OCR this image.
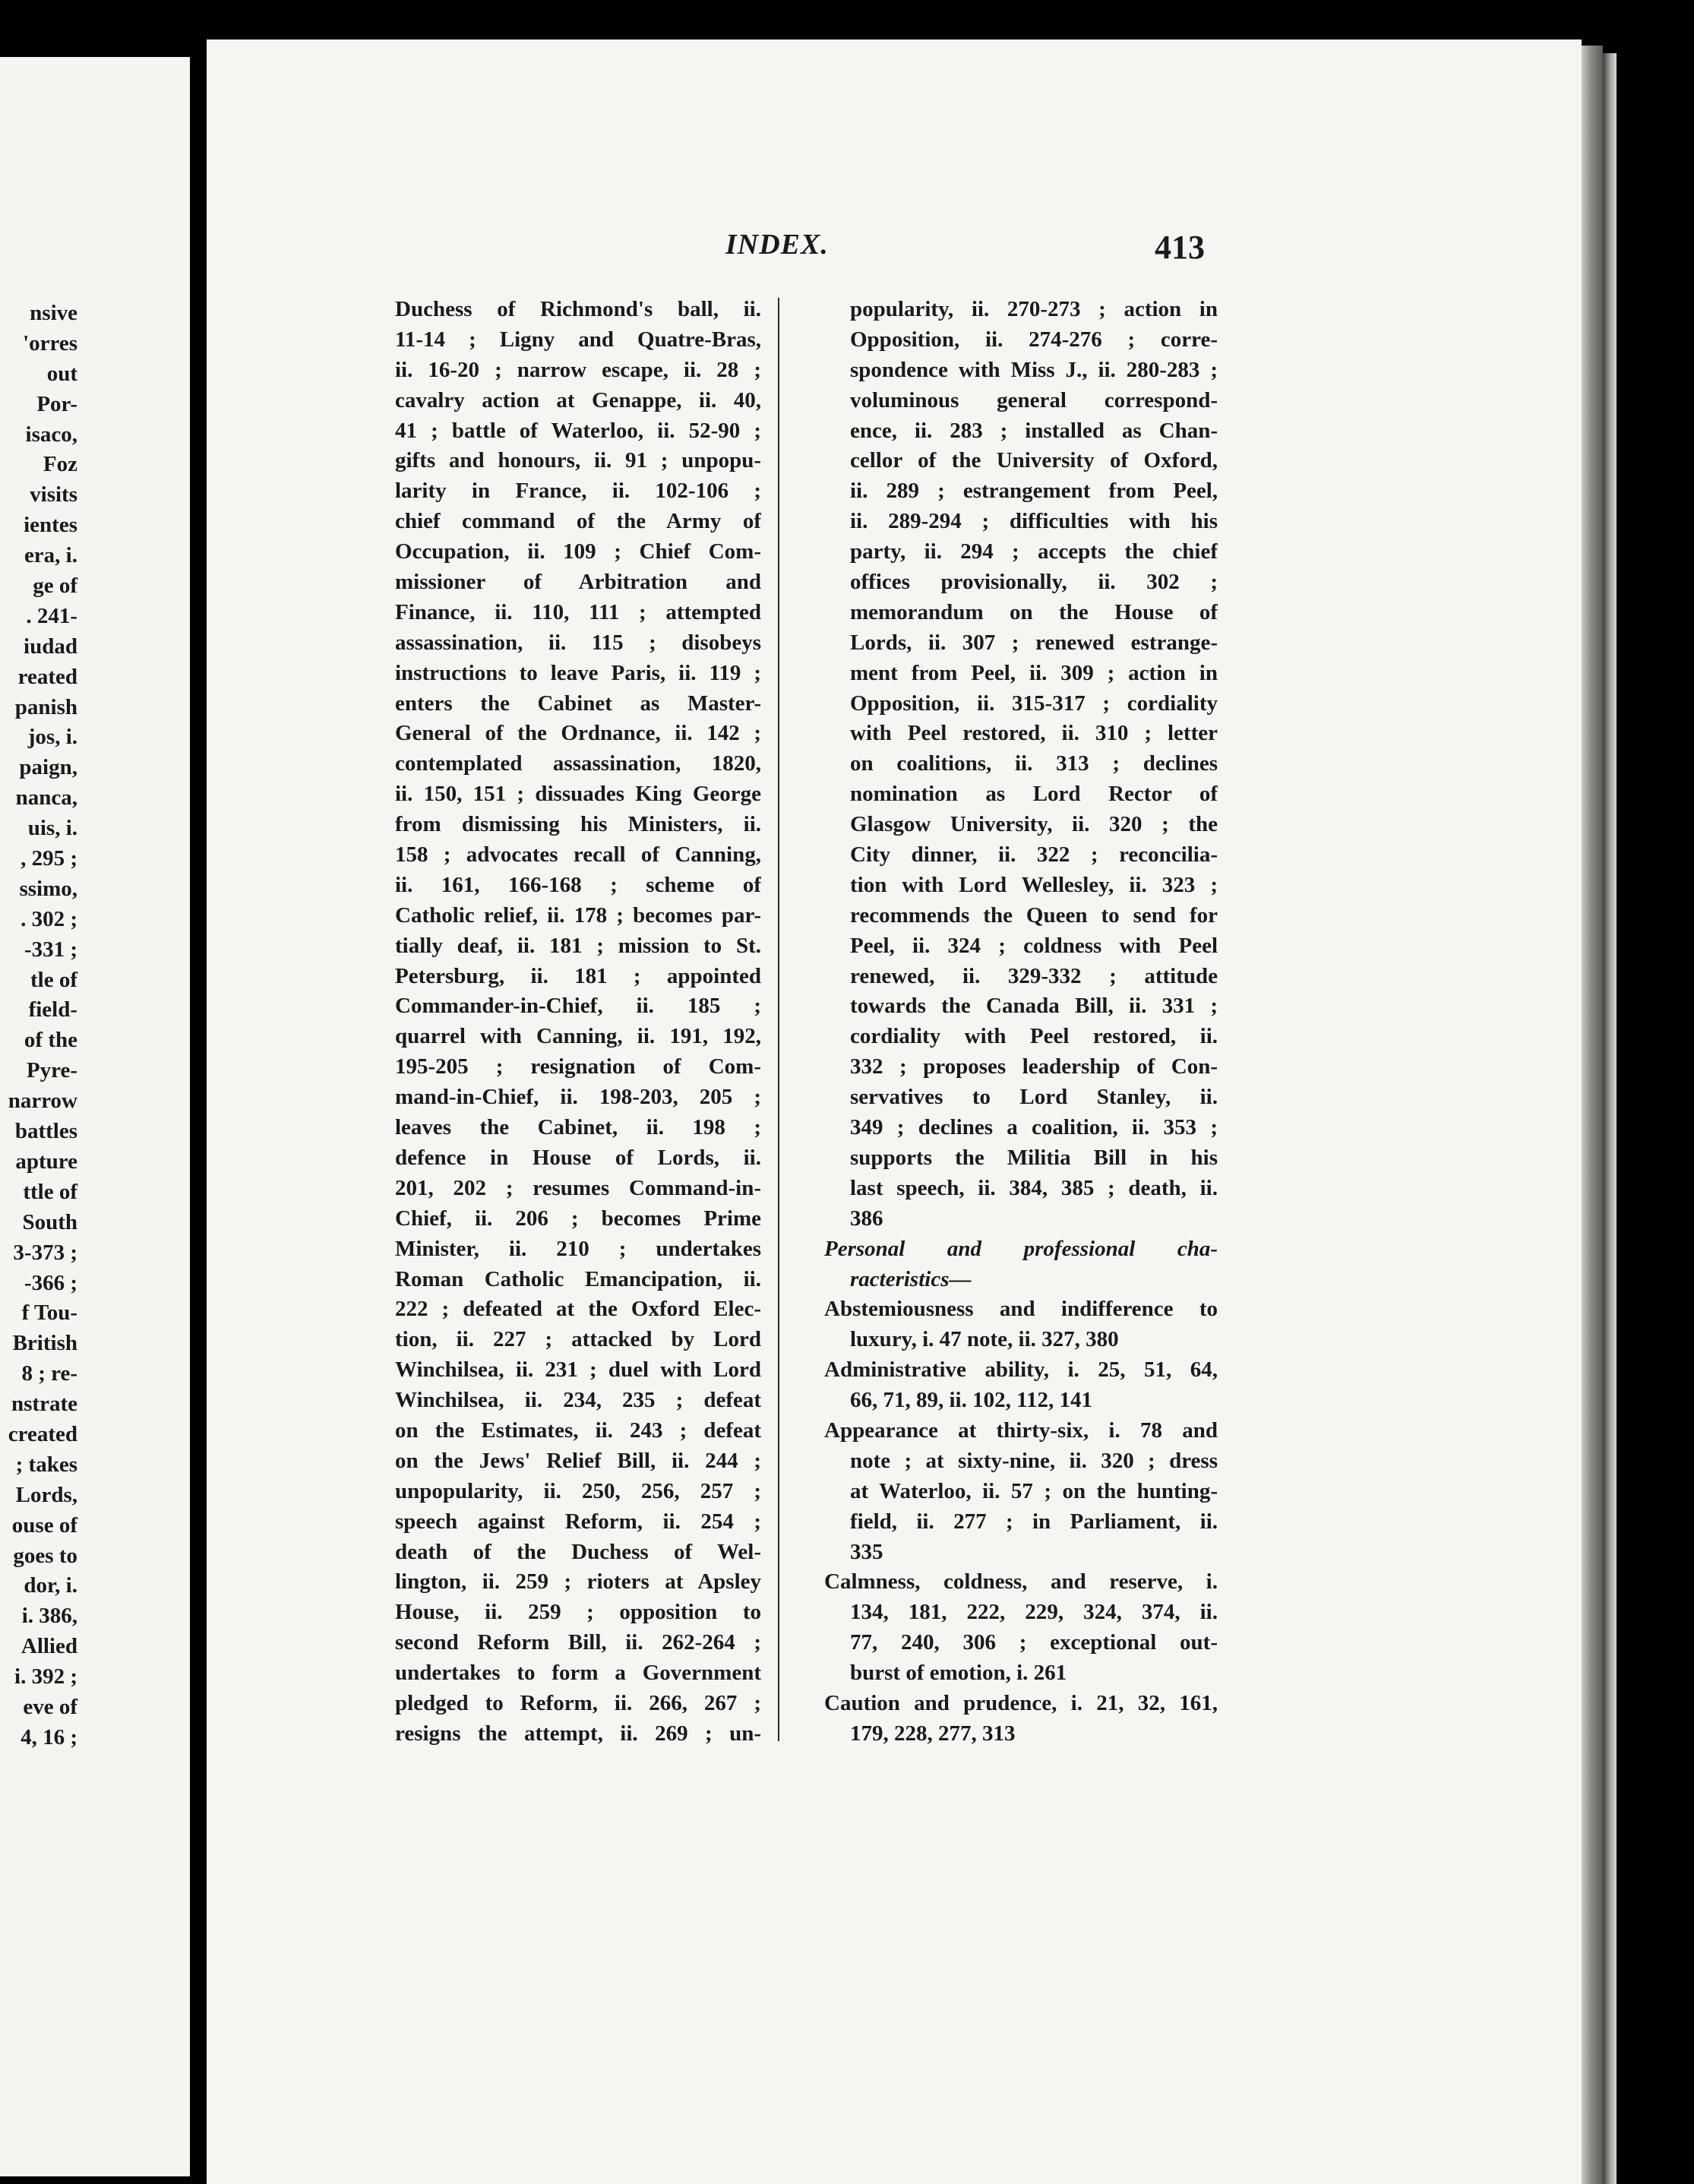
nsive
'orres
out
Por-
isaco,
Foz
visits
ientes
era, i.
ge of
. 241-
iudad
reated
panish
jos, i.
paign,
nanca,
uis, i.
, 295 ;
ssimo,
. 302 ;
-331 ;
tle of
field-
of the
Pyre-
narrow
battles
apture
ttle of
South
3-373 ;
-366 ;
f Tou-
British
8 ; re-
nstrate
created
; takes
Lords,
ouse of
goes to
dor, i.
i. 386,
Allied
i. 392 ;
eve of
4, 16 ;
INDEX.	413
Duchess of Richmond's ball, ii.
11-14 ; Ligny and Quatre-Bras,
ii. 16-20 ; narrow escape, ii. 28 ;
cavalry action at Genappe, ii. 40,
41 ; battle of Waterloo, ii. 52-90 ;
gifts and honours, ii. 91 ; unpopu-
larity in France, ii. 102-106 ;
chief command of the Army of
Occupation, ii. 109 ; Chief Com-
missioner of Arbitration and
Finance, ii. 110, 111 ; attempted
assassination, ii. 115 ; disobeys
instructions to leave Paris, ii. 119 ;
enters the Cabinet as Master-
General of the Ordnance, ii. 142 ;
contemplated assassination, 1820,
ii. 150, 151 ; dissuades King George
from dismissing his Ministers, ii.
158 ; advocates recall of Canning,
ii. 161, 166-168 ; scheme of
Catholic relief, ii. 178 ; becomes par-
tially deaf, ii. 181 ; mission to St.
Petersburg, ii. 181 ; appointed
Commander-in-Chief, ii. 185 ;
quarrel with Canning, ii. 191, 192,
195-205 ; resignation of Com-
mand-in-Chief, ii. 198-203, 205 ;
leaves the Cabinet, ii. 198 ;
defence in House of Lords, ii.
201, 202 ; resumes Command-in-
Chief, ii. 206 ; becomes Prime
Minister, ii. 210 ; undertakes
Roman Catholic Emancipation, ii.
222 ; defeated at the Oxford Elec-
tion, ii. 227 ; attacked by Lord
Winchilsea, ii. 231 ; duel with Lord
Winchilsea, ii. 234, 235 ; defeat
on the Estimates, ii. 243 ; defeat
on the Jews' Relief Bill, ii. 244 ;
unpopularity, ii. 250, 256, 257 ;
speech against Reform, ii. 254 ;
death of the Duchess of Wel-
lington, ii. 259 ; rioters at Apsley
House, ii. 259 ; opposition to
second Reform Bill, ii. 262-264 ;
undertakes to form a Government
pledged to Reform, ii. 266, 267 ;
resigns the attempt, ii. 269 ; un-
popularity, ii. 270-273 ; action in
Opposition, ii. 274-276 ; corre-
spondence with Miss J., ii. 280-283 ;
voluminous general correspond-
ence, ii. 283 ; installed as Chan-
cellor of the University of Oxford,
ii. 289 ; estrangement from Peel,
ii. 289-294 ; difficulties with his
party, ii. 294 ; accepts the chief
offices provisionally, ii. 302 ;
memorandum on the House of
Lords, ii. 307 ; renewed estrange-
ment from Peel, ii. 309 ; action in
Opposition, ii. 315-317 ; cordiality
with Peel restored, ii. 310 ; letter
on coalitions, ii. 313 ; declines
nomination as Lord Rector of
Glasgow University, ii. 320 ; the
City dinner, ii. 322 ; reconcilia-
tion with Lord Wellesley, ii. 323 ;
recommends the Queen to send for
Peel, ii. 324 ; coldness with Peel
renewed, ii. 329-332 ; attitude
towards the Canada Bill, ii. 331 ;
cordiality with Peel restored, ii.
332 ; proposes leadership of Con-
servatives to Lord Stanley, ii.
349 ; declines a coalition, ii. 353 ;
supports the Militia Bill in his
last speech, ii. 384, 385 ; death, ii.
386
Personal and professional cha-
racteristics—
Abstemiousness and indifference to
luxury, i. 47 note, ii. 327, 380
Administrative ability, i. 25, 51, 64,
66, 71, 89, ii. 102, 112, 141
Appearance at thirty-six, i. 78 and
note ; at sixty-nine, ii. 320 ; dress
at Waterloo, ii. 57 ; on the hunting-
field, ii. 277 ; in Parliament, ii.
335
Calmness, coldness, and reserve, i.
134, 181, 222, 229, 324, 374, ii.
77, 240, 306 ; exceptional out-
burst of emotion, i. 261
Caution and prudence, i. 21, 32, 161,
179, 228, 277, 313
